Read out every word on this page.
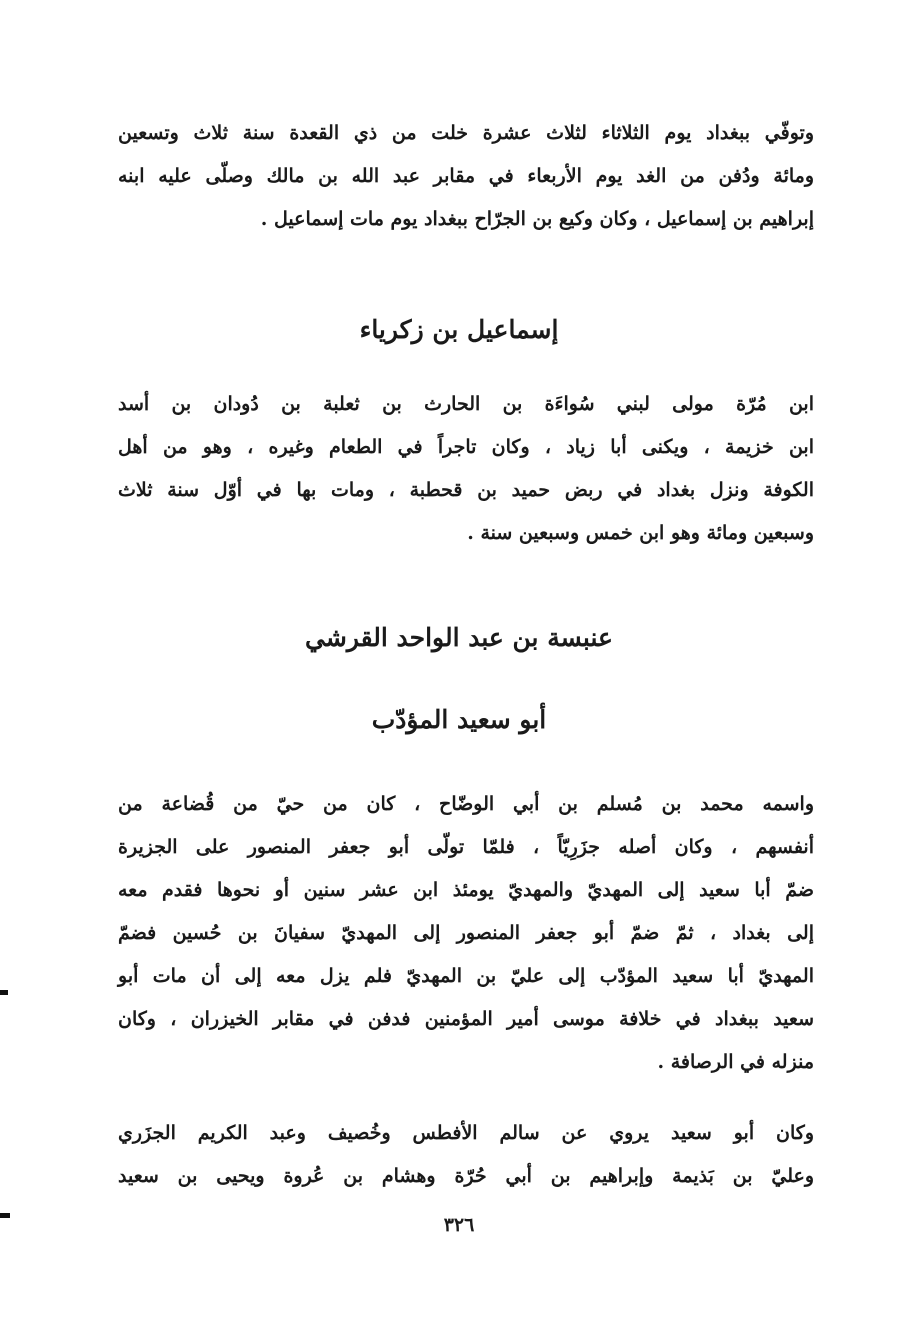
وتوفّي ببغداد يوم الثلاثاء لثلاث عشرة خلت من ذي القعدة سنة ثلاث وتسعين
ومائة ودُفن من الغد يوم الأربعاء في مقابر عبد الله بن مالك وصلّى عليه ابنه
إبراهيم بن إسماعيل ، وكان وكيع بن الجرّاح ببغداد يوم مات إسماعيل .
إسماعيل بن زكرياء
ابن مُرّة مولى لبني سُواءَة بن الحارث بن ثعلبة بن دُودان بن أسد
ابن خزيمة ، ويكنى أبا زياد ، وكان تاجراً في الطعام وغيره ، وهو من أهل
الكوفة ونزل بغداد في ربض حميد بن قحطبة ، ومات بها في أوّل سنة ثلاث
وسبعين ومائة وهو ابن خمس وسبعين سنة .
عنبسة بن عبد الواحد القرشي
أبو سعيد المؤدّب
واسمه محمد بن مُسلم بن أبي الوضّاح ، كان من حيّ من قُضاعة من
أنفسهم ، وكان أصله جزَرِيّاً ، فلمّا تولّى أبو جعفر المنصور على الجزيرة
ضمّ أبا سعيد إلى المهديّ والمهديّ يومئذ ابن عشر سنين أو نحوها فقدم معه
إلى بغداد ، ثمّ ضمّ أبو جعفر المنصور إلى المهديّ سفيانَ بن حُسين فضمّ
المهديّ أبا سعيد المؤدّب إلى عليّ بن المهديّ فلم يزل معه إلى أن مات أبو
سعيد ببغداد في خلافة موسى أمير المؤمنين فدفن في مقابر الخيزران ، وكان
منزله في الرصافة .
وكان أبو سعيد يروي عن سالم الأفطس وخُصيف وعبد الكريم الجزَري
وعليّ بن بَذيمة وإبراهيم بن أبي حُرّة وهشام بن عُروة ويحيى بن سعيد
٣٢٦
